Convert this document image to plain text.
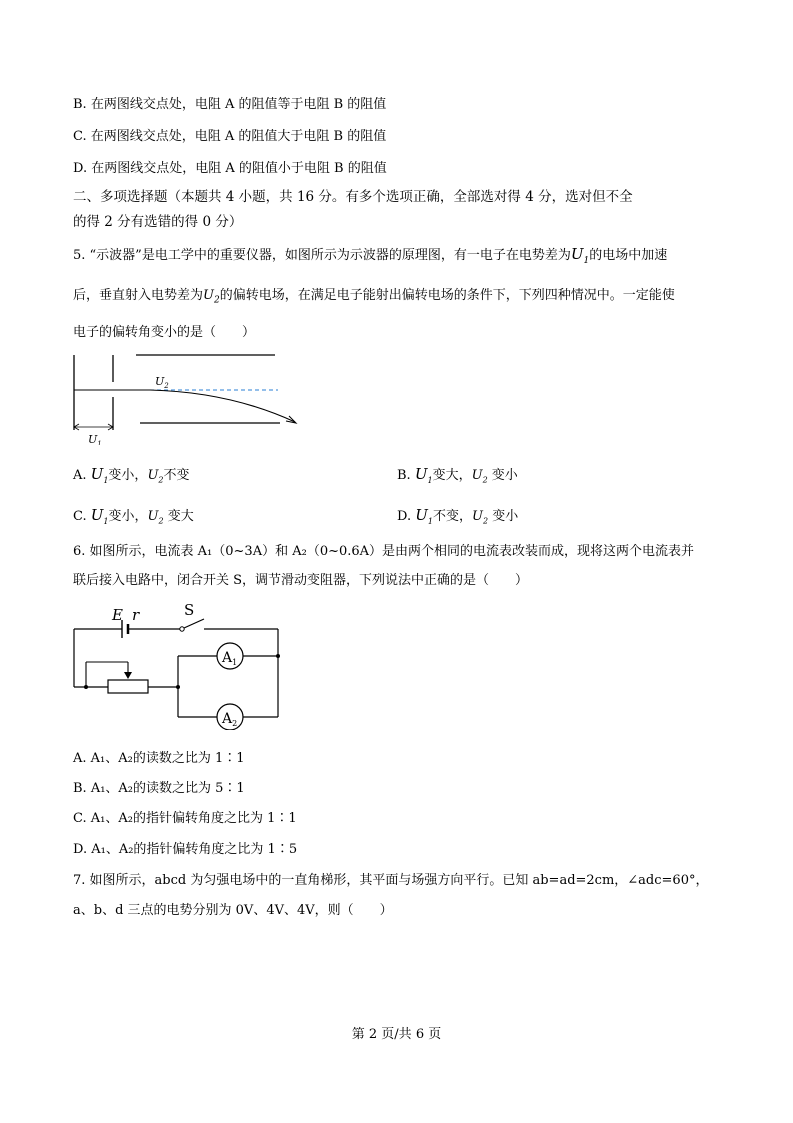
B. 在两图线交点处，电阻 A 的阻值等于电阻 B 的阻值
C. 在两图线交点处，电阻 A 的阻值大于电阻 B 的阻值
D. 在两图线交点处，电阻 A 的阻值小于电阻 B 的阻值
二、多项选择题（本题共 4 小题，共 16 分。有多个选项正确，全部选对得 4 分，选对但不全
的得 2 分有选错的得 0 分）
5. “示波器”是电工学中的重要仪器，如图所示为示波器的原理图，有一电子在电势差为$U_1$的电场中加速
后，垂直射入电势差为$U_2$的偏转电场，在满足电子能射出偏转电场的条件下，下列四种情况中。一定能使
电子的偏转角变小的是（　　）
$U_2$
$U_1$
A. $U_1$变小，$U_2$不变	B. $U_1$变大，$U_2$ 变小
C. $U_1$变小，$U_2$ 变大	D. $U_1$不变，$U_2$ 变小
6. 如图所示，电流表 A₁（0~3A）和 A₂（0~0.6A）是由两个相同的电流表改装而成，现将这两个电流表并
联后接入电路中，闭合开关 S，调节滑动变阻器，下列说法中正确的是（　　）
E r	S
$A_1$
$A_2$
A. A₁、A₂的读数之比为 1∶1
B. A₁、A₂的读数之比为 5∶1
C. A₁、A₂的指针偏转角度之比为 1∶1
D. A₁、A₂的指针偏转角度之比为 1∶5
7. 如图所示，abcd 为匀强电场中的一直角梯形，其平面与场强方向平行。已知 ab=ad=2cm，∠adc=60°，
a、b、d 三点的电势分别为 0V、4V、4V，则（　　）
第 2 页/共 6 页
